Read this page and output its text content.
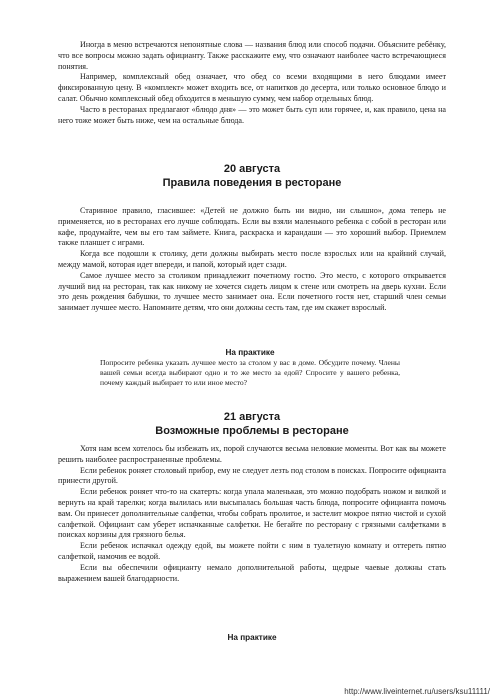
Иногда в меню встречаются непонятные слова — названия блюд или способ подачи. Объясните ребёнку, что все вопросы можно задать официанту. Также расскажите ему, что означают наиболее часто встречающиеся понятия.

Например, комплексный обед означает, что обед со всеми входящими в него блюдами имеет фиксированную цену. В «комплект» может входить все, от напитков до десерта, или только основное блюдо и салат. Обычно комплексный обед обходится в меньшую сумму, чем набор отдельных блюд.

Часто в ресторанах предлагают «блюдо дня» — это может быть суп или горячее, и, как правило, цена на него тоже может быть ниже, чем на остальные блюда.

20 августа
Правила поведения в ресторане

Старинное правило, гласившее: «Детей не должно быть ни видно, ни слышно», дома теперь не применяется, но в ресторанах его лучше соблюдать. Если вы взяли маленького ребенка с собой в ресторан или кафе, продумайте, чем вы его там займете. Книга, раскраска и карандаши — это хороший выбор. Приемлем также планшет с играми.

Когда все подошли к столику, дети должны выбирать место после взрослых или на крайний случай, между мамой, которая идет впереди, и папой, который идет сзади.

Самое лучшее место за столиком принадлежит почетному гостю. Это место, с которого открывается лучший вид на ресторан, так как никому не хочется сидеть лицом к стене или смотреть на дверь кухни. Если это день рождения бабушки, то лучшее место занимает она. Если почетного гостя нет, старший член семьи занимает лучшее место. Напомните детям, что они должны сесть там, где им скажет взрослый.

На практике

Попросите ребенка указать лучшее место за столом у вас в доме. Обсудите почему. Члены вашей семьи всегда выбирают одно и то же место за едой? Спросите у вашего ребенка, почему каждый выбирает то или иное место?

21 августа
Возможные проблемы в ресторане

Хотя нам всем хотелось бы избежать их, порой случаются весьма неловкие моменты. Вот как вы можете решить наиболее распространенные проблемы.

Если ребенок роняет столовый прибор, ему не следует лезть под столом в поисках. Попросите официанта принести другой.

Если ребенок роняет что-то на скатерть: когда упала маленькая, это можно подобрать ножом и вилкой и вернуть на край тарелки; когда вылилась или высыпалась большая часть блюда, попросите официанта помочь вам. Он принесет дополнительные салфетки, чтобы собрать пролитое, и застелит мокрое пятно чистой и сухой салфеткой. Официант сам уберет испачканные салфетки. Не бегайте по ресторану с грязными салфетками в поисках корзины для грязного белья.

Если ребенок испачкал одежду едой, вы можете пойти с ним в туалетную комнату и оттереть пятно салфеткой, намочив ее водой.

Если вы обеспечили официанту немало дополнительной работы, щедрые чаевые должны стать выражением вашей благодарности.

На практике
http://www.liveinternet.ru/users/ksu11111/
